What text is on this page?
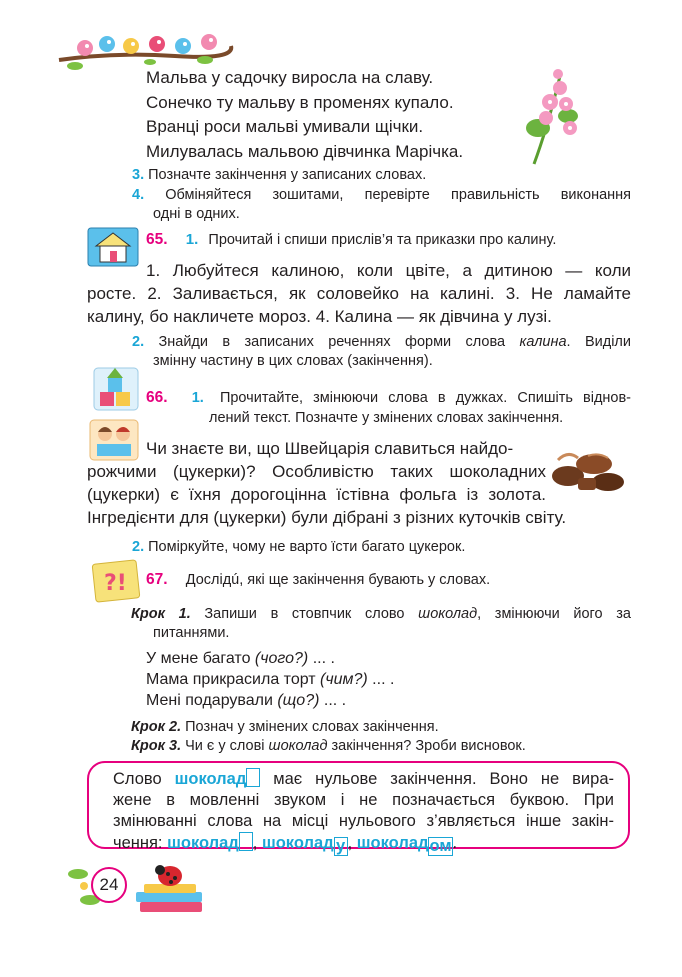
Мальва у садочку виросла на славу.
Сонечко ту мальву в променях купало.
Вранці роси мальві умивали щічки.
Милувалась мальвою дівчинка Марічка.
3. Позначте закінчення у записаних словах.
4. Обміняйтеся зошитами, перевірте правильність виконання
одні в одних.
65. 1. Прочитай і спиши прислів’я та приказки про калину.
1. Любуйтеся калиною, коли цвіте, а дитиною — коли
росте. 2. Заливається, як соловейко на калині. 3. Не ламайте
калину, бо накличете мороз. 4. Калина — як дівчина у лузі.
2. Знайди в записаних реченнях форми слова калина. Виділи
змінну частину в цих словах (закінчення).
66. 1. Прочитайте, змінюючи слова в дужках. Спишіть віднов-
лений текст. Позначте у змінених словах закінчення.
Чи знаєте ви, що Швейцарія славиться найдо-
рожчими (цукерки)? Особливістю таких шоколадних
(цукерки) є їхня дорогоцінна їстівна фольга із золота.
Інгредієнти для (цукерки) були дібрані з різних куточків світу.
2. Поміркуйте, чому не варто їсти багато цукерок.
?! 67. Дослідú, які ще закінчення бувають у словах.
Крок 1. Запиши в стовпчик слово шоколад, змінюючи його за
питаннями.
У мене багато (чого?) ... .
Мама прикрасила торт (чим?) ... .
Мені подарували (що?) ... .
Крок 2. Познач у змінених словах закінчення.
Крок 3. Чи є у слові шоколад закінчення? Зроби висновок.
Слово шоколад має нульове закінчення. Воно не вира-
жене в мовленні звуком і не позначається буквою. При
змінюванні слова на місці нульового з’являється інше закін-
чення: шоколад , шоколад у , шоколадом.
24
